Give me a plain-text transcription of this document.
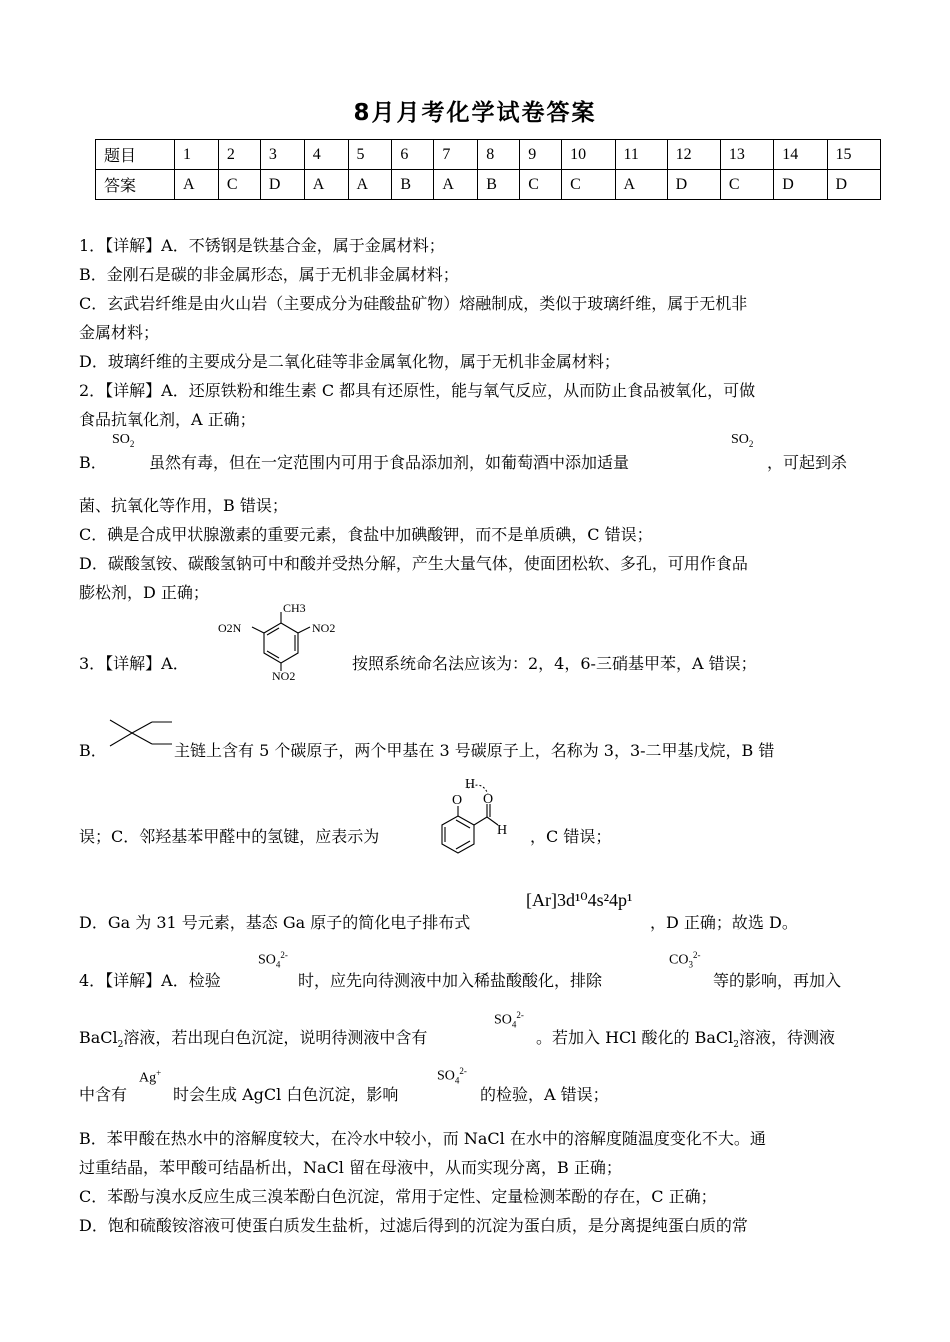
8月月考化学试卷答案
题目	1	2	3	4	5	6	7	8	9	10	11	12	13	14	15
答案	A	C	D	A	A	B	A	B	C	C	A	D	C	D	D
1．【详解】A．不锈钢是铁基合金，属于金属材料；
B．金刚石是碳的非金属形态，属于无机非金属材料；
C．玄武岩纤维是由火山岩（主要成分为硅酸盐矿物）熔融制成，类似于玻璃纤维，属于无机非
金属材料；
D．玻璃纤维的主要成分是二氧化硅等非金属氧化物，属于无机非金属材料；
2．【详解】A．还原铁粉和维生素 C 都具有还原性，能与氧气反应，从而防止食品被氧化，可做
食品抗氧化剂，A 正确；
B．
$SO_2$
虽然有毒，但在一定范围内可用于食品添加剂，如葡萄酒中添加适量
$SO_2$
，可起到杀
菌、抗氧化等作用，B 错误；
C．碘是合成甲状腺激素的重要元素，食盐中加碘酸钾，而不是单质碘，C 错误；
D．碳酸氢铵、碳酸氢钠可中和酸并受热分解，产生大量气体，使面团松软、多孔，可用作食品
膨松剂，D 正确；
3．【详解】A．
CH3
O2N	NO2
NO2
按照系统命名法应该为：2，4，6-三硝基甲苯，A 错误；
B．	主链上含有 5 个碳原子，两个甲基在 3 号碳原子上，名称为 3，3-二甲基戊烷，B 错
误；C．邻羟基苯甲醛中的氢键，应表示为
O
H
O
H ，C 错误；
D．Ga 为 31 号元素，基态 Ga 原子的简化电子排布式
[Ar]3d¹⁰4s²4p¹
，D 正确；故选 D。
4．【详解】A．检验
$SO_4^{2-}$
时，应先向待测液中加入稀盐酸酸化，排除
$CO_3^{2-}$
等的影响，再加入
BaCl$_2$溶液，若出现白色沉淀，说明待测液中含有
$SO_4^{2-}$
。若加入 HCl 酸化的 BaCl$_2$溶液，待测液
中含有
Ag+
时会生成 AgCl 白色沉淀，影响
$SO_4^{2-}$
的检验，A 错误；
B．苯甲酸在热水中的溶解度较大，在冷水中较小，而 NaCl 在水中的溶解度随温度变化不大。通
过重结晶，苯甲酸可结晶析出，NaCl 留在母液中，从而实现分离，B 正确；
C．苯酚与溴水反应生成三溴苯酚白色沉淀，常用于定性、定量检测苯酚的存在，C 正确；
D．饱和硫酸铵溶液可使蛋白质发生盐析，过滤后得到的沉淀为蛋白质，是分离提纯蛋白质的常
